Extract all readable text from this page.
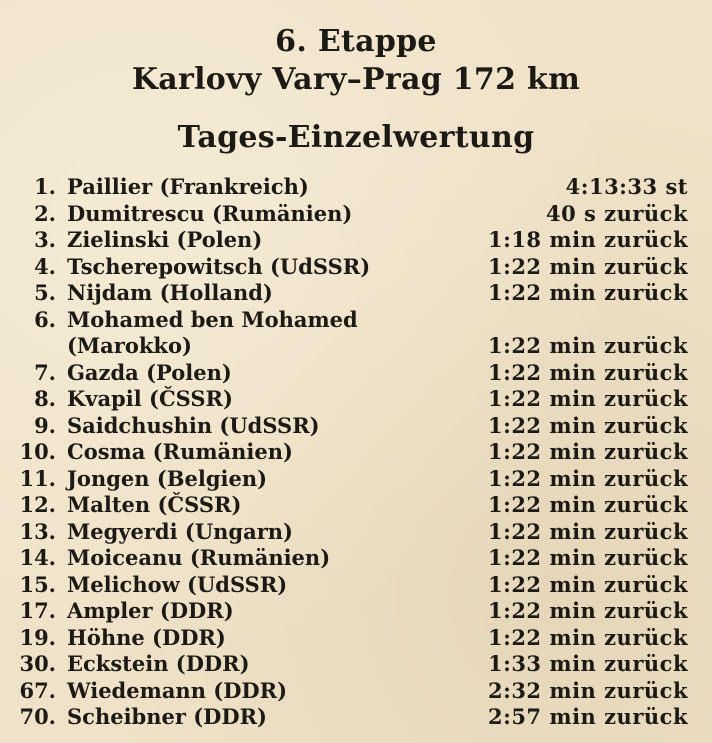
6. Etappe
Karlovy Vary–Prag 172 km
Tages-Einzelwertung
1. Paillier (Frankreich)	4:13:33 st
2. Dumitrescu (Rumänien)	40 s zurück
3. Zielinski (Polen)	1:18 min zurück
4. Tscherepowitsch (UdSSR)	1:22 min zurück
5. Nijdam (Holland)	1:22 min zurück
6. Mohamed ben Mohamed
(Marokko)	1:22 min zurück
7. Gazda (Polen)	1:22 min zurück
8. Kvapil (ČSSR)	1:22 min zurück
9. Saidchushin (UdSSR)	1:22 min zurück
10. Cosma (Rumänien)	1:22 min zurück
11. Jongen (Belgien)	1:22 min zurück
12. Malten (ČSSR)	1:22 min zurück
13. Megyerdi (Ungarn)	1:22 min zurück
14. Moiceanu (Rumänien)	1:22 min zurück
15. Melichow (UdSSR)	1:22 min zurück
17. Ampler (DDR)	1:22 min zurück
19. Höhne (DDR)	1:22 min zurück
30. Eckstein (DDR)	1:33 min zurück
67. Wiedemann (DDR)	2:32 min zurück
70. Scheibner (DDR)	2:57 min zurück
